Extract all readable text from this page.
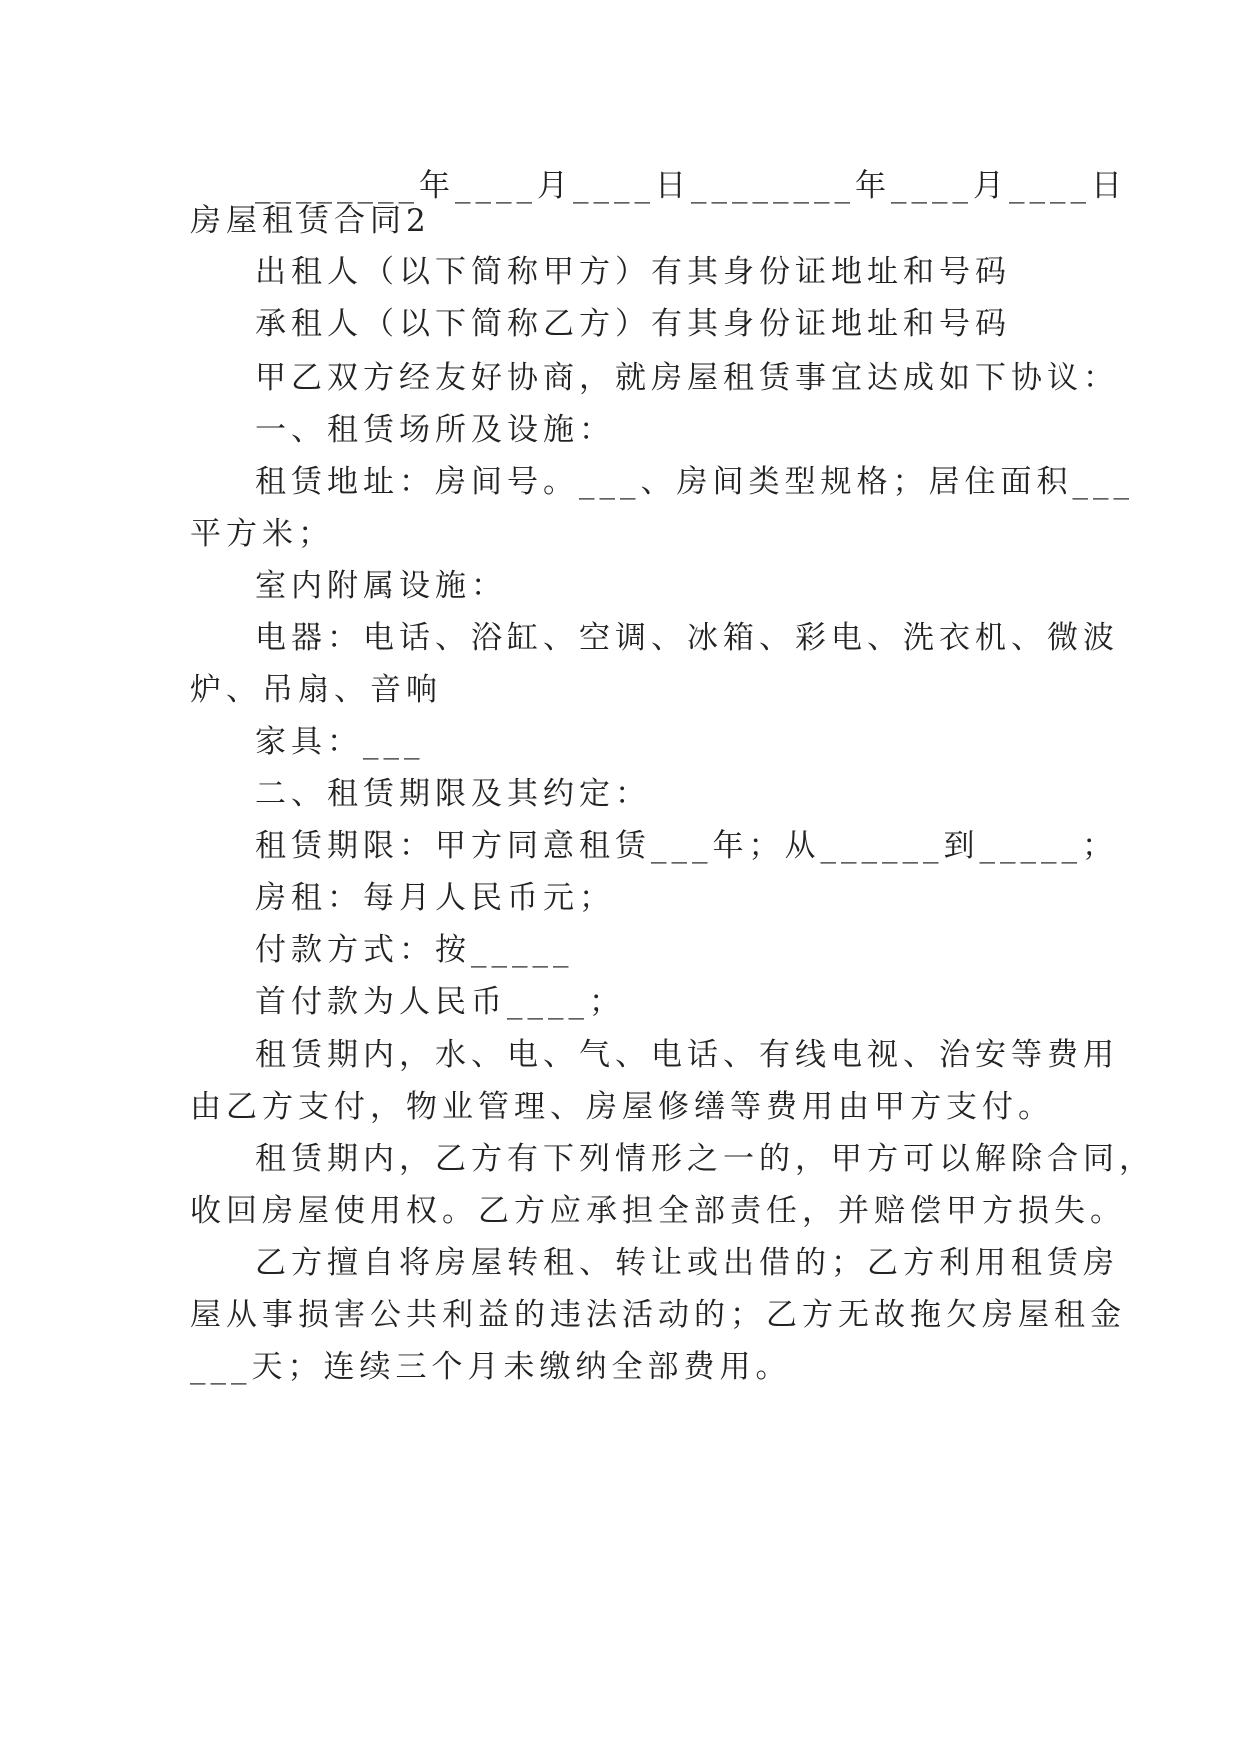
________年____月____日________年____月____日
房屋租赁合同2
出租人（以下简称甲方）有其身份证地址和号码
承租人（以下简称乙方）有其身份证地址和号码
甲乙双方经友好协商，就房屋租赁事宜达成如下协议：
一、租赁场所及设施：
租赁地址：房间号。___、房间类型规格；居住面积___
平方米；
室内附属设施：
电器：电话、浴缸、空调、冰箱、彩电、洗衣机、微波
炉、吊扇、音响
家具：___
二、租赁期限及其约定：
租赁期限：甲方同意租赁___年；从______到_____；
房租：每月人民币元；
付款方式：按_____
首付款为人民币____；
租赁期内，水、电、气、电话、有线电视、治安等费用
由乙方支付，物业管理、房屋修缮等费用由甲方支付。
租赁期内，乙方有下列情形之一的，甲方可以解除合同，
收回房屋使用权。乙方应承担全部责任，并赔偿甲方损失。
乙方擅自将房屋转租、转让或出借的；乙方利用租赁房
屋从事损害公共利益的违法活动的；乙方无故拖欠房屋租金
___天；连续三个月未缴纳全部费用。
